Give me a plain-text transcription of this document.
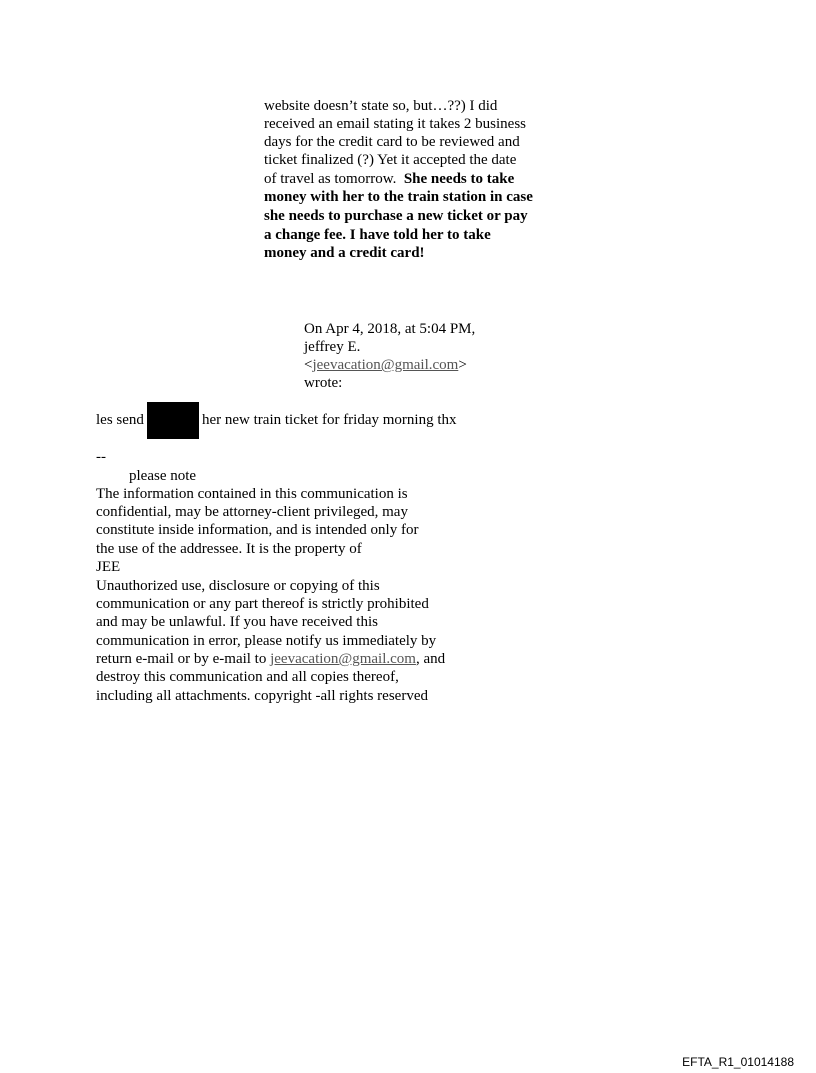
website doesn’t state so, but…??) I did
received an email stating it takes 2 business
days for the credit card to be reviewed and
ticket finalized (?) Yet it accepted the date
of travel as tomorrow.  She needs to take
money with her to the train station in case
she needs to purchase a new ticket or pay
a change fee. I have told her to take
money and a credit card!
On Apr 4, 2018, at 5:04 PM,
jeffrey E.
<jeevacation@gmail.com>
wrote:
les send	her new train ticket for friday morning thx
--
please note
The information contained in this communication is
confidential, may be attorney-client privileged, may
constitute inside information, and is intended only for
the use of the addressee. It is the property of
JEE
Unauthorized use, disclosure or copying of this
communication or any part thereof is strictly prohibited
and may be unlawful. If you have received this
communication in error, please notify us immediately by
return e-mail or by e-mail to jeevacation@gmail.com, and
destroy this communication and all copies thereof,
including all attachments. copyright -all rights reserved
EFTA_R1_01014188
